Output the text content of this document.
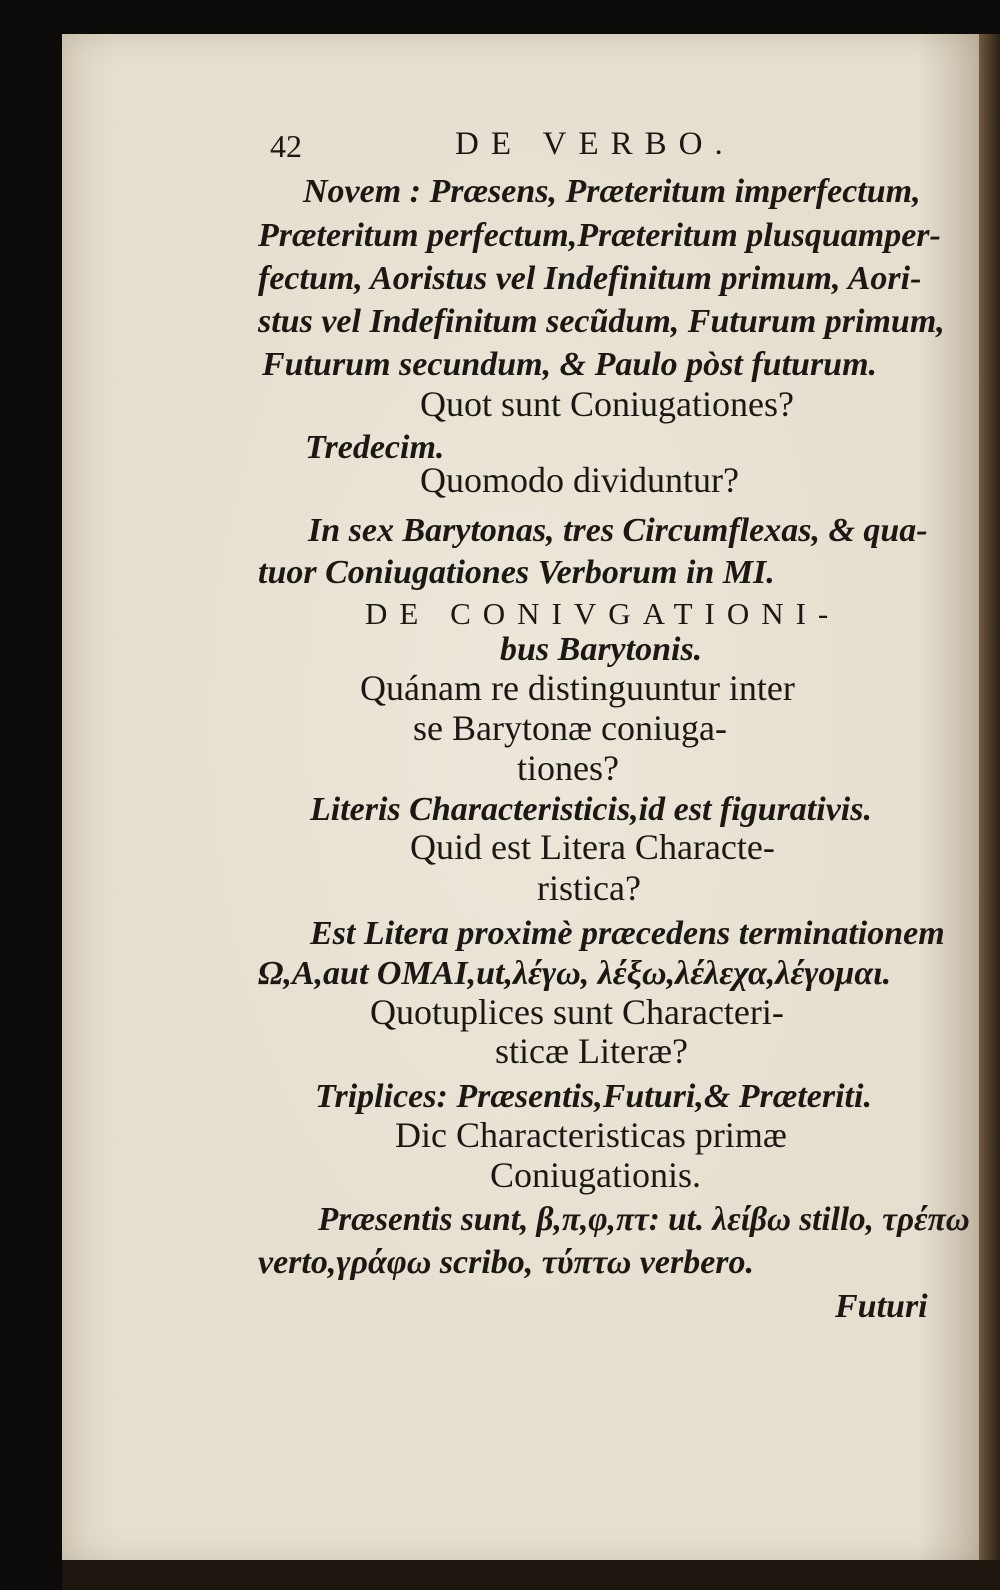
42	DE VERBO.
Novem : Præsens, Præteritum imperfectum,
Præteritum perfectum,Præteritum plusquamper-
fectum, Aoristus vel Indefinitum primum, Aori-
stus vel Indefinitum secũdum, Futurum primum,
Futurum secundum, & Paulo pòst futurum.
Quot sunt Coniugationes?
Tredecim.
Quomodo dividuntur?
In sex Barytonas, tres Circumflexas, & qua-
tuor Coniugationes Verborum in MI.
DE CONIVGATIONI-
bus Barytonis.
Quánam re distinguuntur inter
se Barytonæ coniuga-
tiones?
Literis Characteristicis,id est figurativis.
Quid est Litera Characte-
ristica?
Est Litera proximè præcedens terminationem
Ω,A,aut OMAI,ut,λέγω, λέξω,λέλεχα,λέγομαι.
Quotuplices sunt Characteri-
sticæ Literæ?
Triplices: Præsentis,Futuri,& Præteriti.
Dic Characteristicas primæ
Coniugationis.
Præsentis sunt, β,π,φ,πτ: ut. λείβω stillo, τρέπω
verto,γράφω scribo, τύπτω verbero.
Futuri
